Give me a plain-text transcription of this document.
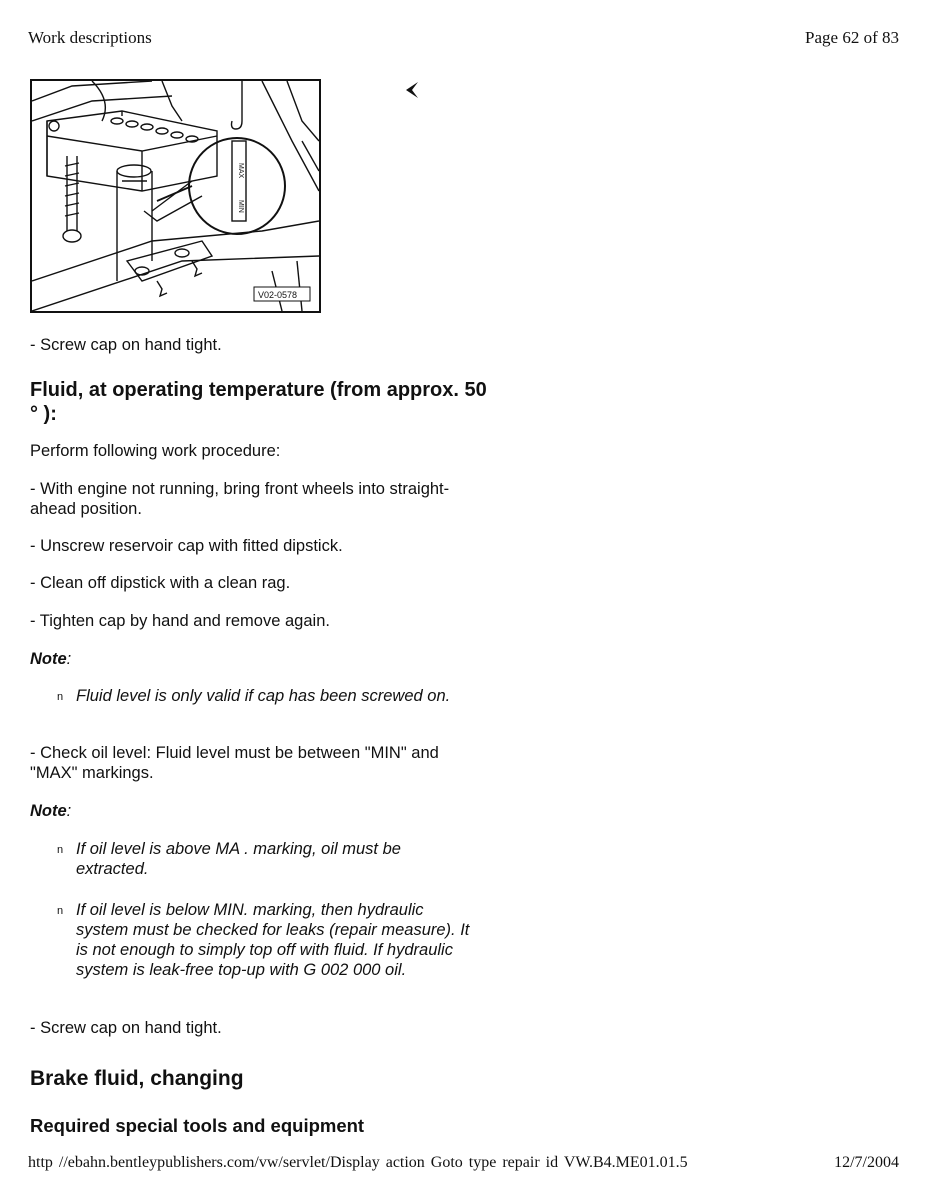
Work descriptions	Page 62 of 83
MAX
MIN
V02-0578
- Screw cap on hand tight.
Fluid, at operating temperature (from approx. 50
° ):
Perform following work procedure:
- With engine not running, bring front wheels into straight-
ahead position.
- Unscrew reservoir cap with fitted dipstick.
- Clean off dipstick with a clean rag.
- Tighten cap by hand and remove again.
Note:
n Fluid level is only valid if cap has been screwed on.
- Check oil level: Fluid level must be between "MIN" and
"MAX" markings.
Note:
n If oil level is above MA . marking, oil must be
extracted.
n If oil level is below MIN. marking, then hydraulic
system must be checked for leaks (repair measure). It
is not enough to simply top off with fluid. If hydraulic
system is leak-free top-up with G 002 000 oil.
- Screw cap on hand tight.
Brake fluid, changing
Required special tools and equipment
http //ebahn.bentleypublishers.com/vw/servlet/Display action Goto type repair id VW.B4.ME01.01.5	12/7/2004
